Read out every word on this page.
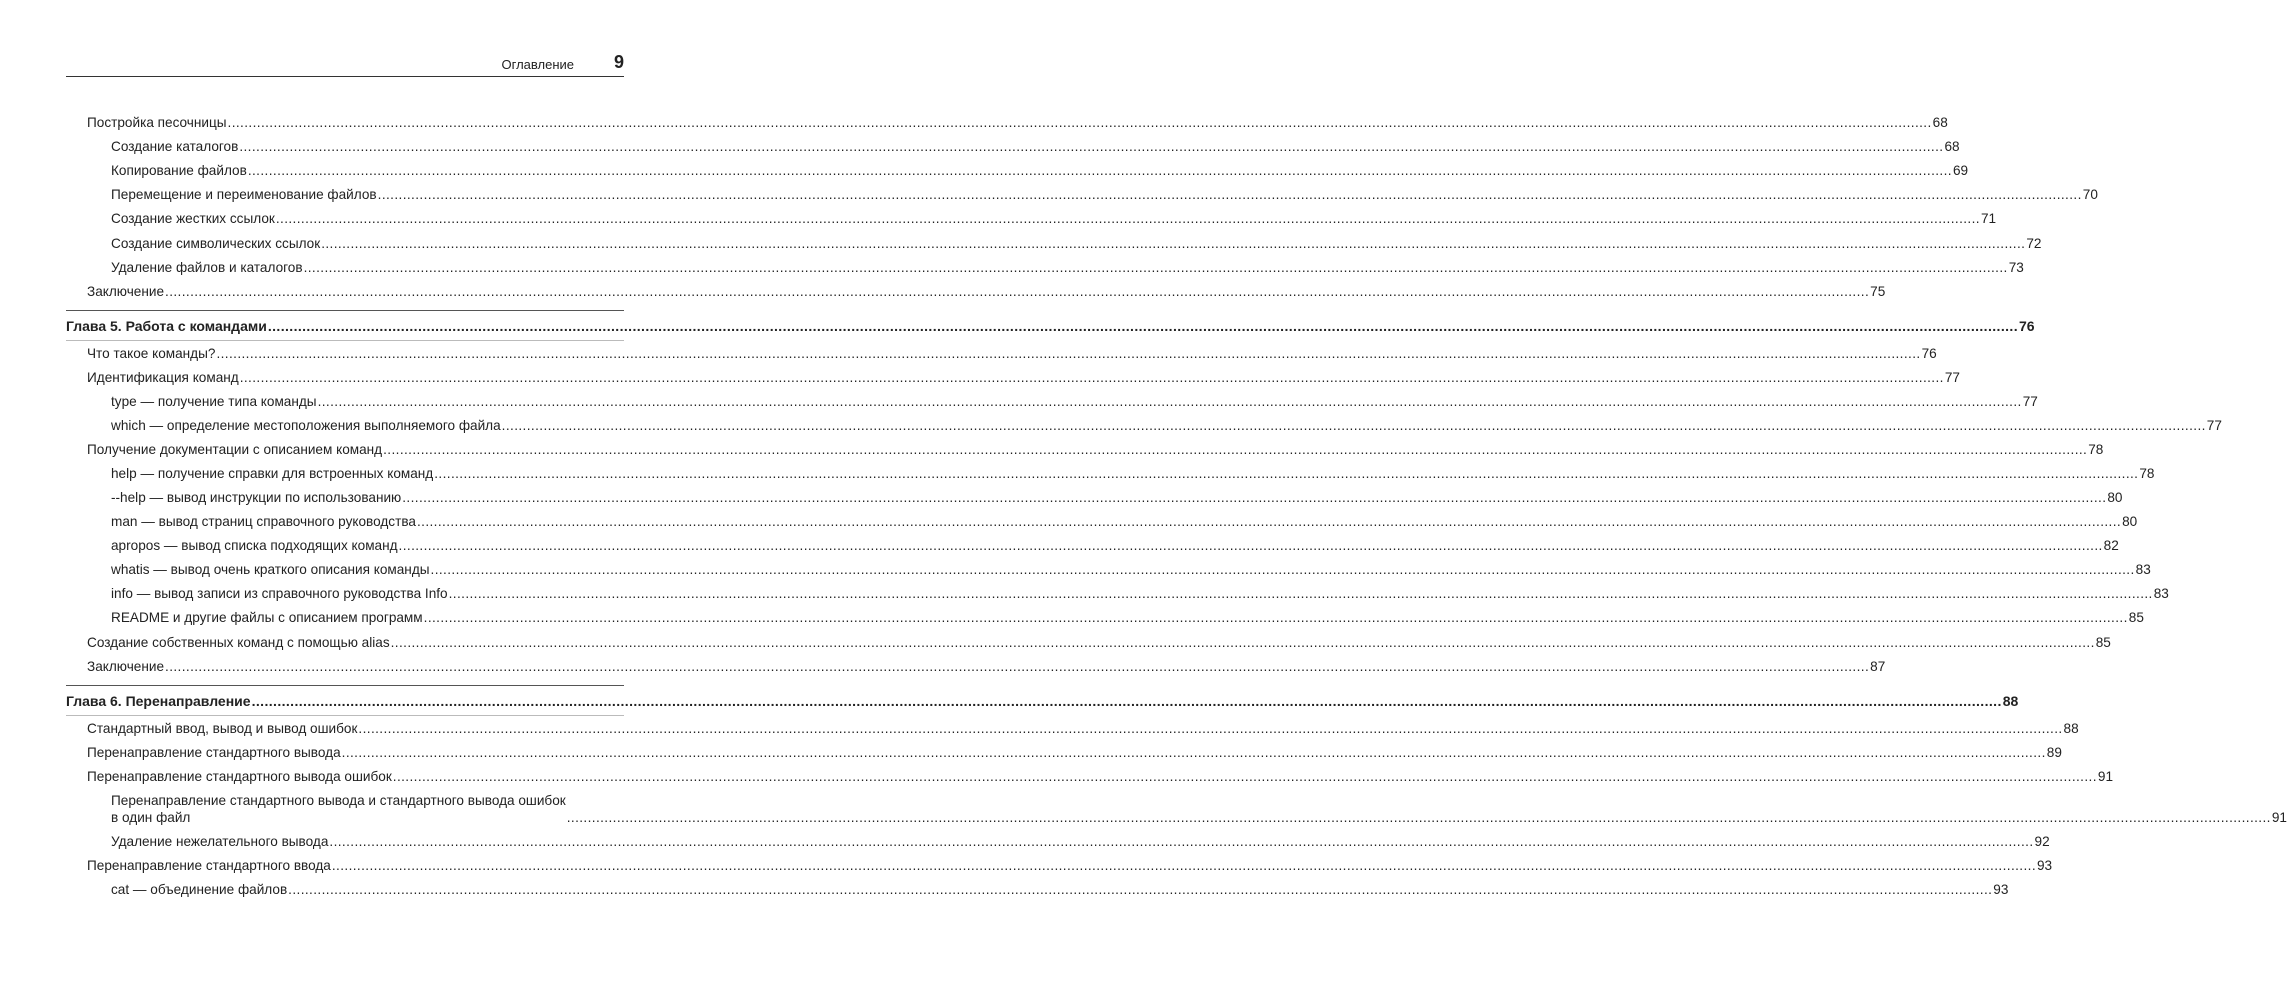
Оглавление 9
Постройка песочницы ........................................................................................................................................................................................................................................................................................................................................................................................................................ 68
Создание каталогов ........................................................................................................................................................................................................................................................................................................................................................................................................................ 68
Копирование файлов ........................................................................................................................................................................................................................................................................................................................................................................................................................ 69
Перемещение и переименование файлов ........................................................................................................................................................................................................................................................................................................................................................................................................................ 70
Создание жестких ссылок ........................................................................................................................................................................................................................................................................................................................................................................................................................ 71
Создание символических ссылок ........................................................................................................................................................................................................................................................................................................................................................................................................................ 72
Удаление файлов и каталогов ........................................................................................................................................................................................................................................................................................................................................................................................................................ 73
Заключение ........................................................................................................................................................................................................................................................................................................................................................................................................................ 75
Глава 5. Работа с командами ........................................................................................................................................................................................................................................................................................................................................................................................................................ 76
Что такое команды? ........................................................................................................................................................................................................................................................................................................................................................................................................................ 76
Идентификация команд ........................................................................................................................................................................................................................................................................................................................................................................................................................ 77
type — получение типа команды ........................................................................................................................................................................................................................................................................................................................................................................................................................ 77
which — определение местоположения выполняемого файла ........................................................................................................................................................................................................................................................................................................................................................................................................................ 77
Получение документации с описанием команд ........................................................................................................................................................................................................................................................................................................................................................................................................................ 78
help — получение справки для встроенных команд ........................................................................................................................................................................................................................................................................................................................................................................................................................ 78
--help — вывод инструкции по использованию ........................................................................................................................................................................................................................................................................................................................................................................................................................ 80
man — вывод страниц справочного руководства ........................................................................................................................................................................................................................................................................................................................................................................................................................ 80
apropos — вывод списка подходящих команд ........................................................................................................................................................................................................................................................................................................................................................................................................................ 82
whatis — вывод очень краткого описания команды ........................................................................................................................................................................................................................................................................................................................................................................................................................ 83
info — вывод записи из справочного руководства Info ........................................................................................................................................................................................................................................................................................................................................................................................................................ 83
README и другие файлы с описанием программ ........................................................................................................................................................................................................................................................................................................................................................................................................................ 85
Создание собственных команд с помощью alias ........................................................................................................................................................................................................................................................................................................................................................................................................................ 85
Заключение ........................................................................................................................................................................................................................................................................................................................................................................................................................ 87
Глава 6. Перенаправление ........................................................................................................................................................................................................................................................................................................................................................................................................................ 88
Стандартный ввод, вывод и вывод ошибок ........................................................................................................................................................................................................................................................................................................................................................................................................................ 88
Перенаправление стандартного вывода ........................................................................................................................................................................................................................................................................................................................................................................................................................ 89
Перенаправление стандартного вывода ошибок ........................................................................................................................................................................................................................................................................................................................................................................................................................ 91
Перенаправление стандартного вывода и стандартного вывода ошибок
в один файл	........................................................................................................................................................................................................................................................................................................................................................................................................................ 91
Удаление нежелательного вывода ........................................................................................................................................................................................................................................................................................................................................................................................................................ 92
Перенаправление стандартного ввода ........................................................................................................................................................................................................................................................................................................................................................................................................................ 93
cat — объединение файлов ........................................................................................................................................................................................................................................................................................................................................................................................................................ 93
